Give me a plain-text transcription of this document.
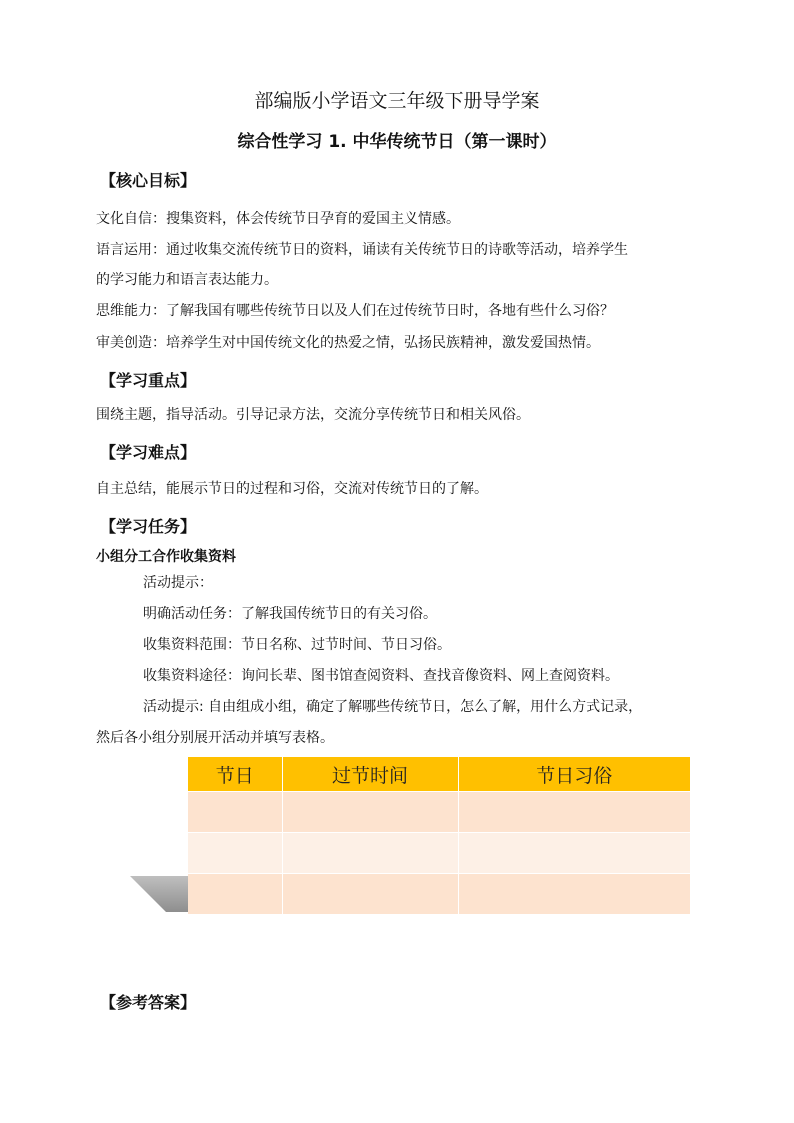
部编版小学语文三年级下册导学案
综合性学习 1. 中华传统节日（第一课时）
【核心目标】
文化自信：搜集资料，体会传统节日孕育的爱国主义情感。
语言运用：通过收集交流传统节日的资料，诵读有关传统节日的诗歌等活动，培养学生
的学习能力和语言表达能力。
思维能力：了解我国有哪些传统节日以及人们在过传统节日时，各地有些什么习俗？
审美创造：培养学生对中国传统文化的热爱之情，弘扬民族精神，激发爱国热情。
【学习重点】
围绕主题，指导活动。引导记录方法，交流分享传统节日和相关风俗。
【学习难点】
自主总结，能展示节日的过程和习俗，交流对传统节日的了解。
【学习任务】
小组分工合作收集资料
活动提示：
明确活动任务：了解我国传统节日的有关习俗。
收集资料范围：节日名称、过节时间、节日习俗。
收集资料途径：询问长辈、图书馆查阅资料、查找音像资料、网上查阅资料。
活动提示: 自由组成小组，确定了解哪些传统节日，怎么了解，用什么方式记录，
然后各小组分别展开活动并填写表格。
节日	过节时间	节日习俗

【参考答案】
